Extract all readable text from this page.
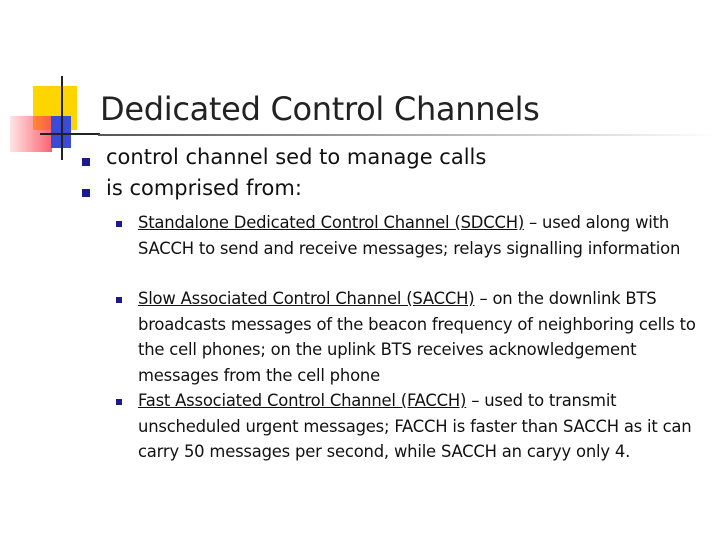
Dedicated Control Channels
control channel sed to manage calls
is comprised from:
Standalone Dedicated Control Channel (SDCCH) – used along with SACCH to send and receive messages; relays signalling information
Slow Associated Control Channel (SACCH) – on the downlink BTS broadcasts messages of the beacon frequency of neighboring cells to the cell phones; on the uplink BTS receives acknowledgement messages from the cell phone
Fast Associated Control Channel (FACCH) – used to transmit unscheduled urgent messages; FACCH is faster than SACCH as it can carry 50 messages per second, while SACCH an caryy only 4.
